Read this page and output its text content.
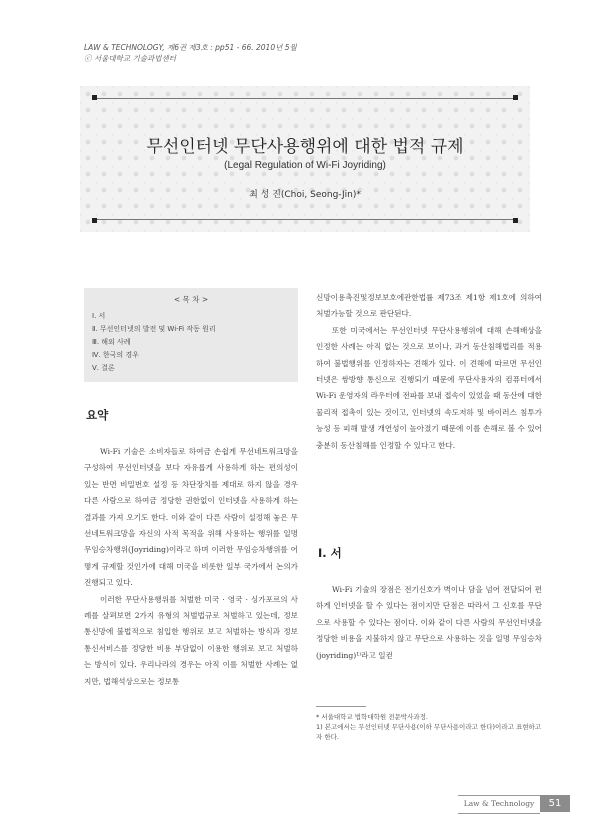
LAW & TECHNOLOGY, 제6권 제3호 : pp51 - 66. 2010년 5월
ⓒ 서울대학교 기술과법센터
무선인터넷 무단사용행위에 대한 법적 규제
(Legal Regulation of Wi-Fi Joyriding)
최 성 진(Choi, Seong-Jin)*
< 목 차 >
Ⅰ. 서
Ⅱ. 무선인터넷의 발전 및 Wi-Fi 작동 원리
Ⅲ. 해외 사례
Ⅳ. 한국의 경우
Ⅴ. 결론
요약

Wi-Fi 기술은 소비자들로 하여금 손쉽게 무선네트워크망을 구성하여 무선인터넷을 보다 자유롭게 사용하게 하는 편의성이 있는 반면 비밀번호 설정 등 차단장치를 제대로 하지 않을 경우 다른 사람으로 하여금 정당한 권한없이 인터넷을 사용하게 하는 결과를 가져 오기도 한다. 이와 같이 다른 사람이 설정해 놓은 무선네트워크망을 자신의 사적 목적을 위해 사용하는 행위를 일명 무임승차행위(Joyriding)이라고 하며 이러한 무임승차행위를 어떻게 규제할 것인가에 대해 미국을 비롯한 일부 국가에서 논의가 진행되고 있다.

이러한 무단사용행위를 처벌한 미국 · 영국 · 싱가포르의 사례를 살펴보면 2가지 유형의 처벌법규로 처벌하고 있는데, 정보통신망에 불법적으로 침입한 행위로 보고 처벌하는 방식과 정보통신서비스를 정당한 비용 부담없이 이용한 행위로 보고 처벌하는 방식이 있다. 우리나라의 경우는 아직 이를 처벌한 사례는 없지만, 법해석상으로는 정보통

신망이용촉진및정보보호에관한법률 제73조 제1항 제1호에 의하여 처벌가능할 것으로 판단된다.

또한 미국에서는 무선인터넷 무단사용행위에 대해 손해배상을 인정한 사례는 아직 없는 것으로 보이나, 과거 동산침해법리를 적용하여 불법행위를 인정하자는 견해가 있다. 이 견해에 따르면 무선인터넷은 쌍방향 통신으로 진행되기 때문에 무단사용자의 컴퓨터에서 Wi-Fi 운영자의 라우터에 전파를 보내 접속이 있었을 때 동산에 대한 물리적 접촉이 있는 것이고, 인터넷의 속도저하 및 바이러스 침투가능성 등 피해 발생 개연성이 높아졌기 때문에 이를 손해로 볼 수 있어 충분히 동산침해를 인정할 수 있다고 한다.

Ⅰ. 서

Wi-Fi 기술의 장점은 전기신호가 벽이나 담을 넘어 전달되어 편하게 인터넷을 할 수 있다는 점이지만 단점은 따라서 그 신호를 무단으로 사용할 수 있다는 점이다. 이와 같이 다른 사람의 무선인터넷을 정당한 비용을 지불하지 않고 무단으로 사용하는 것을 일명 무임승차(joyriding)¹⁾라고 일컫

* 서울대학교 법학대학원 전문박사과정.
1) 본고에서는 무선인터넷 무단사용(이하 무단사용이라고 한다)이라고 표현하고자 한다.
Law & Technology	51
